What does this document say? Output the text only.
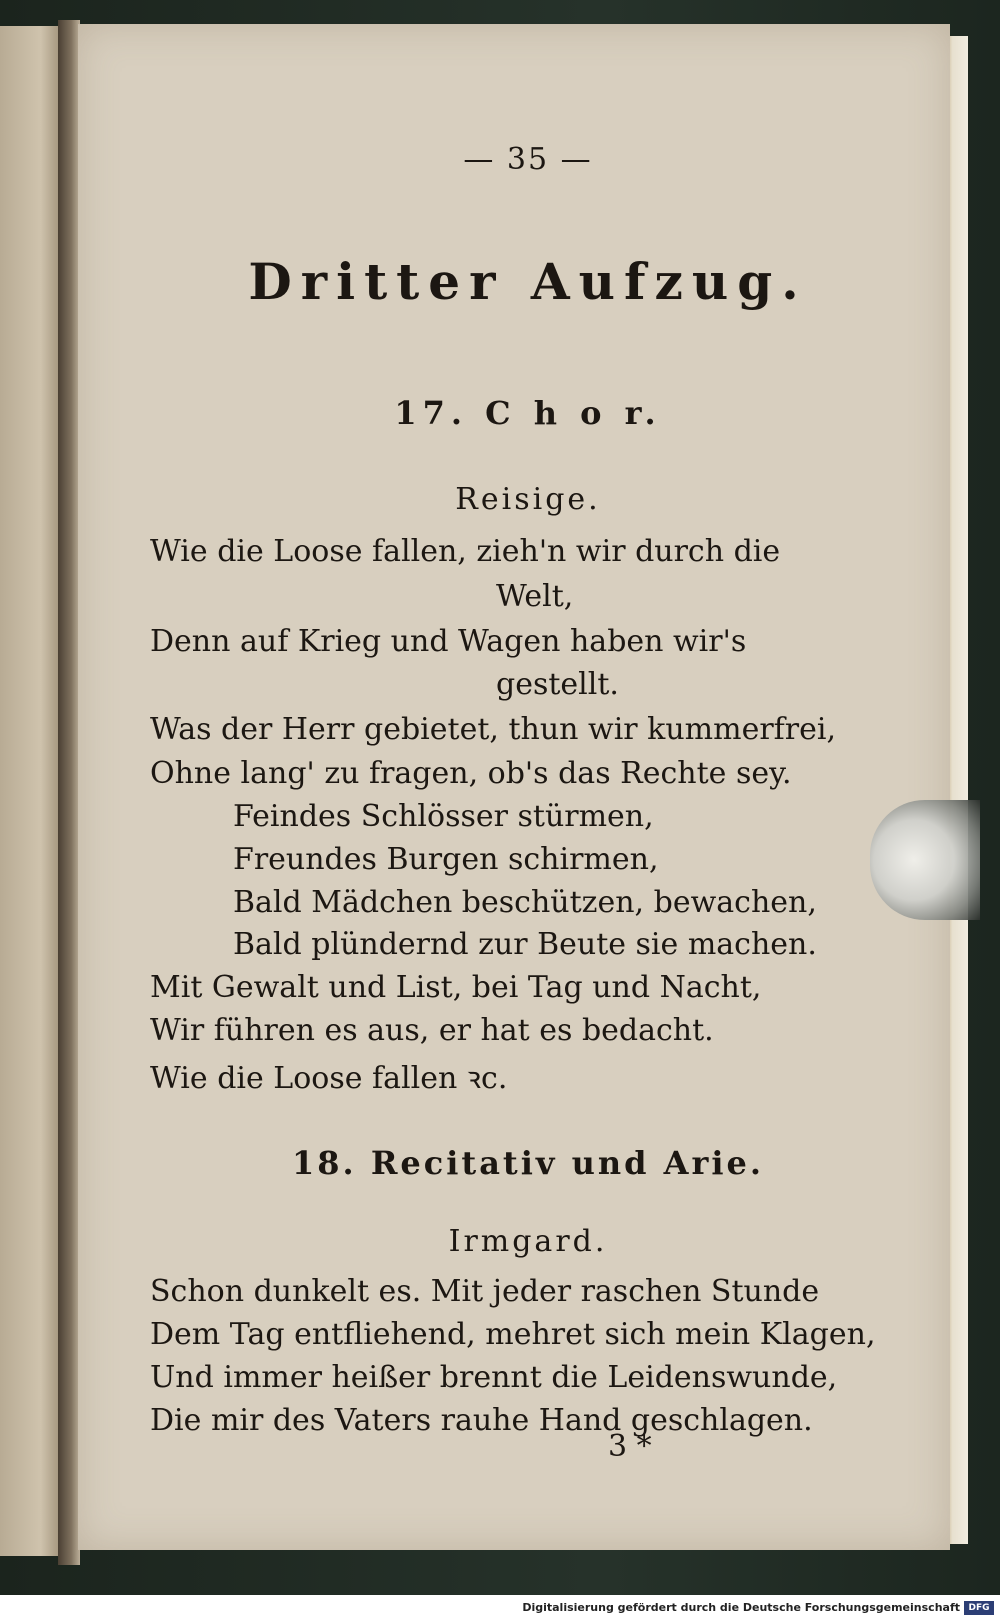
— 35 —
Dritter Aufzug.
17. C h o r.
Reisige.
Wie die Loose fallen, zieh'n wir durch die
Welt,
Denn auf Krieg und Wagen haben wir's
gestellt.
Was der Herr gebietet, thun wir kummerfrei,
Ohne lang' zu fragen, ob's das Rechte sey.
Feindes Schlösser stürmen,
Freundes Burgen schirmen,
Bald Mädchen beschützen, bewachen,
Bald plündernd zur Beute sie machen.
Mit Gewalt und List, bei Tag und Nacht,
Wir führen es aus, er hat es bedacht.
Wie die Loose fallen ꝛc.
18. Recitativ und Arie.
Irmgard.
Schon dunkelt es. Mit jeder raschen Stunde
Dem Tag entfliehend, mehret sich mein Klagen,
Und immer heißer brennt die Leidenswunde,
Die mir des Vaters rauhe Hand geschlagen.
3 *
Digitalisierung gefördert durch die Deutsche Forschungsgemeinschaft DFG
